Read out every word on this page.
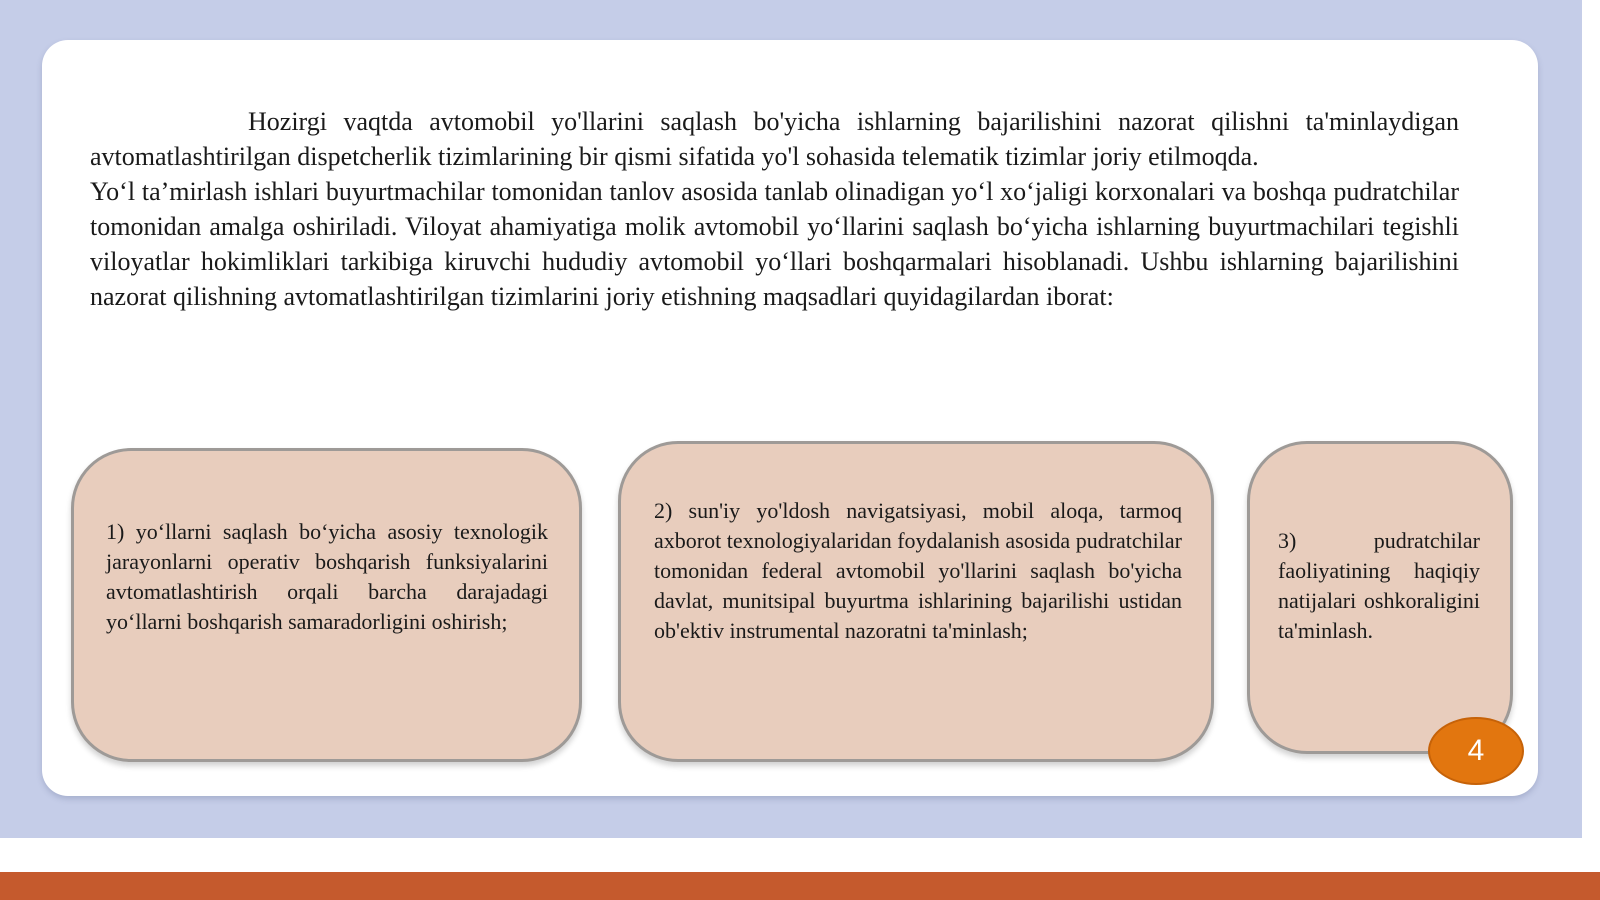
Hozirgi vaqtda avtomobil yo'llarini saqlash bo'yicha ishlarning bajarilishini nazorat qilishni ta'minlaydigan avtomatlashtirilgan dispetcherlik tizimlarining bir qismi sifatida yo'l sohasida telematik tizimlar joriy etilmoqda.

Yo‘l ta’mirlash ishlari buyurtmachilar tomonidan tanlov asosida tanlab olinadigan yo‘l xo‘jaligi korxonalari va boshqa pudratchilar tomonidan amalga oshiriladi. Viloyat ahamiyatiga molik avtomobil yo‘llarini saqlash bo‘yicha ishlarning buyurtmachilari tegishli viloyatlar hokimliklari tarkibiga kiruvchi hududiy avtomobil yo‘llari boshqarmalari hisoblanadi. Ushbu ishlarning bajarilishini nazorat qilishning avtomatlashtirilgan tizimlarini joriy etishning maqsadlari quyidagilardan iborat:

1) yo‘llarni saqlash bo‘yicha asosiy texnologik jarayonlarni operativ boshqarish funksiyalarini avtomatlashtirish orqali barcha darajadagi yo‘llarni boshqarish samaradorligini oshirish;
2) sun'iy yo'ldosh navigatsiyasi, mobil aloqa, tarmoq axborot texnologiyalaridan foydalanish asosida pudratchilar tomonidan federal avtomobil yo'llarini saqlash bo'yicha davlat, munitsipal buyurtma ishlarining bajarilishi ustidan ob'ektiv instrumental nazoratni ta'minlash;
3) pudratchilar faoliyatining haqiqiy natijalari oshkoraligini ta'minlash.
4
